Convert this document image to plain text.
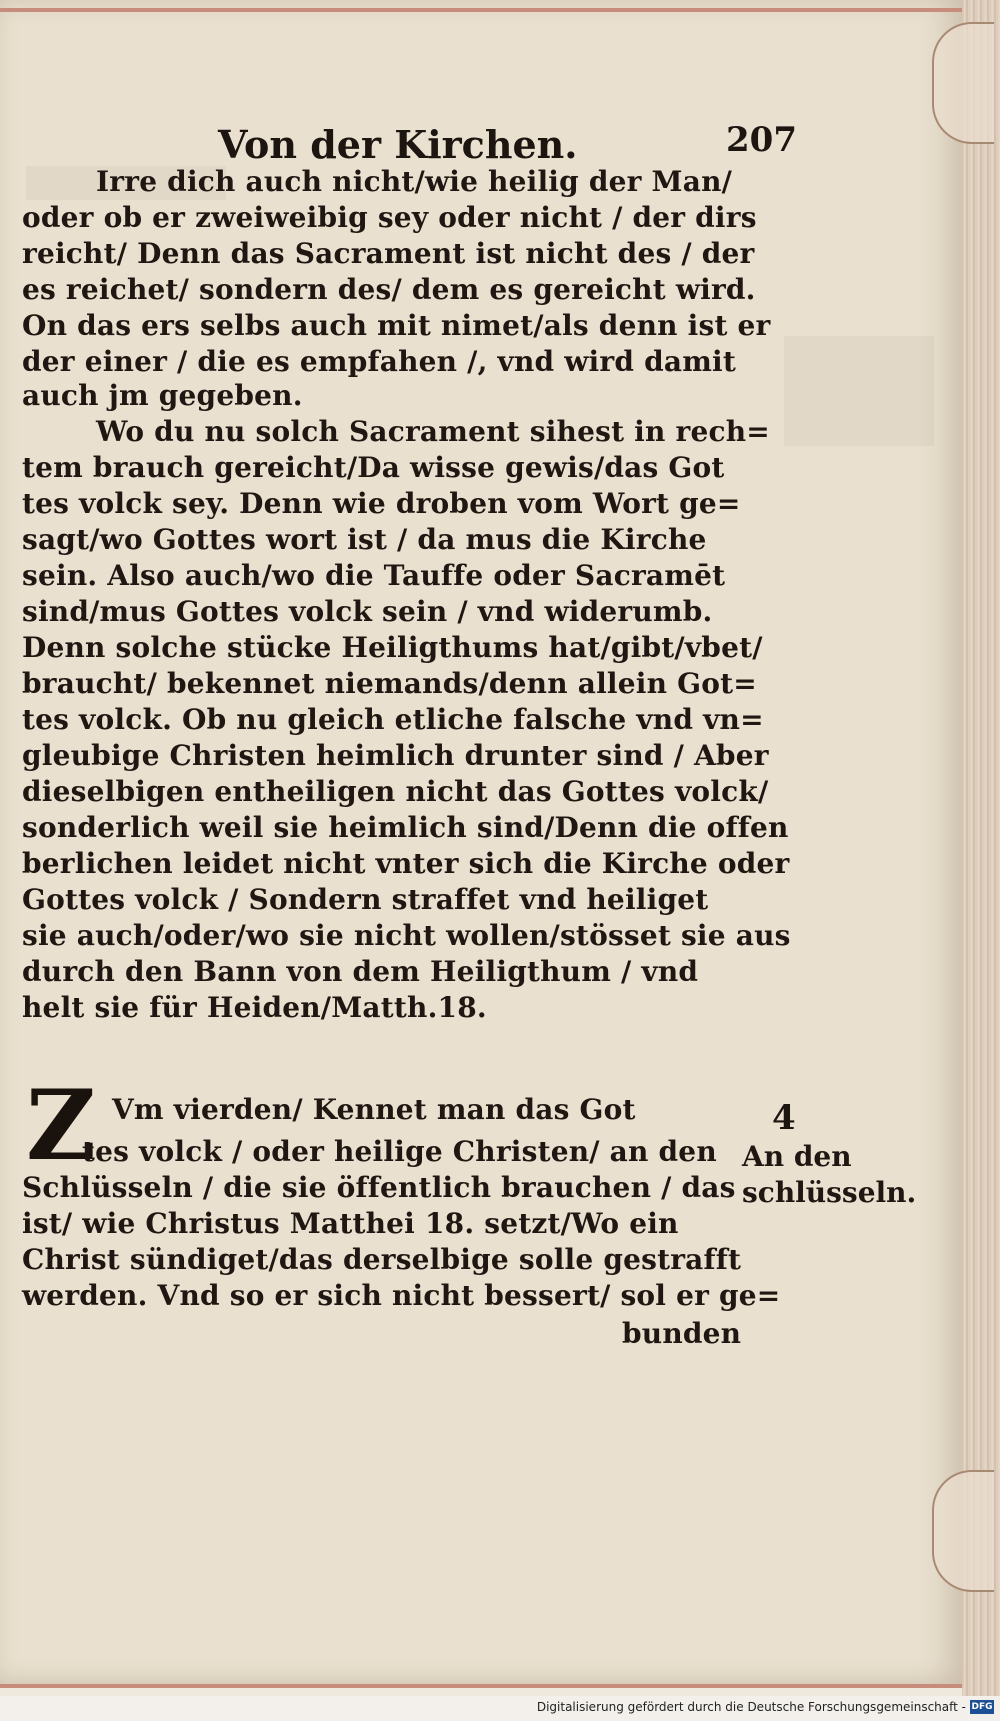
Von der Kirchen.	207
Irre dich auch nicht/wie heilig der Man/
oder ob er zweiweibig sey oder nicht / der dirs
reicht/ Denn das Sacrament ist nicht des / der
es reichet/ sondern des/ dem es gereicht wird.
On das ers selbs auch mit nimet/als denn ist er
der einer / die es empfahen /, vnd wird damit
auch jm gegeben.
Wo du nu solch Sacrament sihest in rech=
tem brauch gereicht/Da wisse gewis/das Got
tes volck sey. Denn wie droben vom Wort ge=
sagt/wo Gottes wort ist / da mus die Kirche
sein. Also auch/wo die Tauffe oder Sacramēt
sind/mus Gottes volck sein / vnd widerumb.
Denn solche stücke Heiligthums hat/gibt/vbet/
braucht/ bekennet niemands/denn allein Got=
tes volck. Ob nu gleich etliche falsche vnd vn=
gleubige Christen heimlich drunter sind / Aber
dieselbigen entheiligen nicht das Gottes volck/
sonderlich weil sie heimlich sind/Denn die offen
berlichen leidet nicht vnter sich die Kirche oder
Gottes volck / Sondern straffet vnd heiliget
sie auch/oder/wo sie nicht wollen/stösset sie aus
durch den Bann von dem Heiligthum / vnd
helt sie für Heiden/Matth.18.
Z Vm vierden/ Kennet man das Got
tes volck / oder heilige Christen/ an den
Schlüsseln / die sie öffentlich brauchen / das
ist/ wie Christus Matthei 18. setzt/Wo ein
Christ sündiget/das derselbige solle gestrafft
werden. Vnd so er sich nicht bessert/ sol er ge=
bunden
4
An den
schlüsseln.
Digitalisierung gefördert durch die Deutsche Forschungsgemeinschaft - DFG
